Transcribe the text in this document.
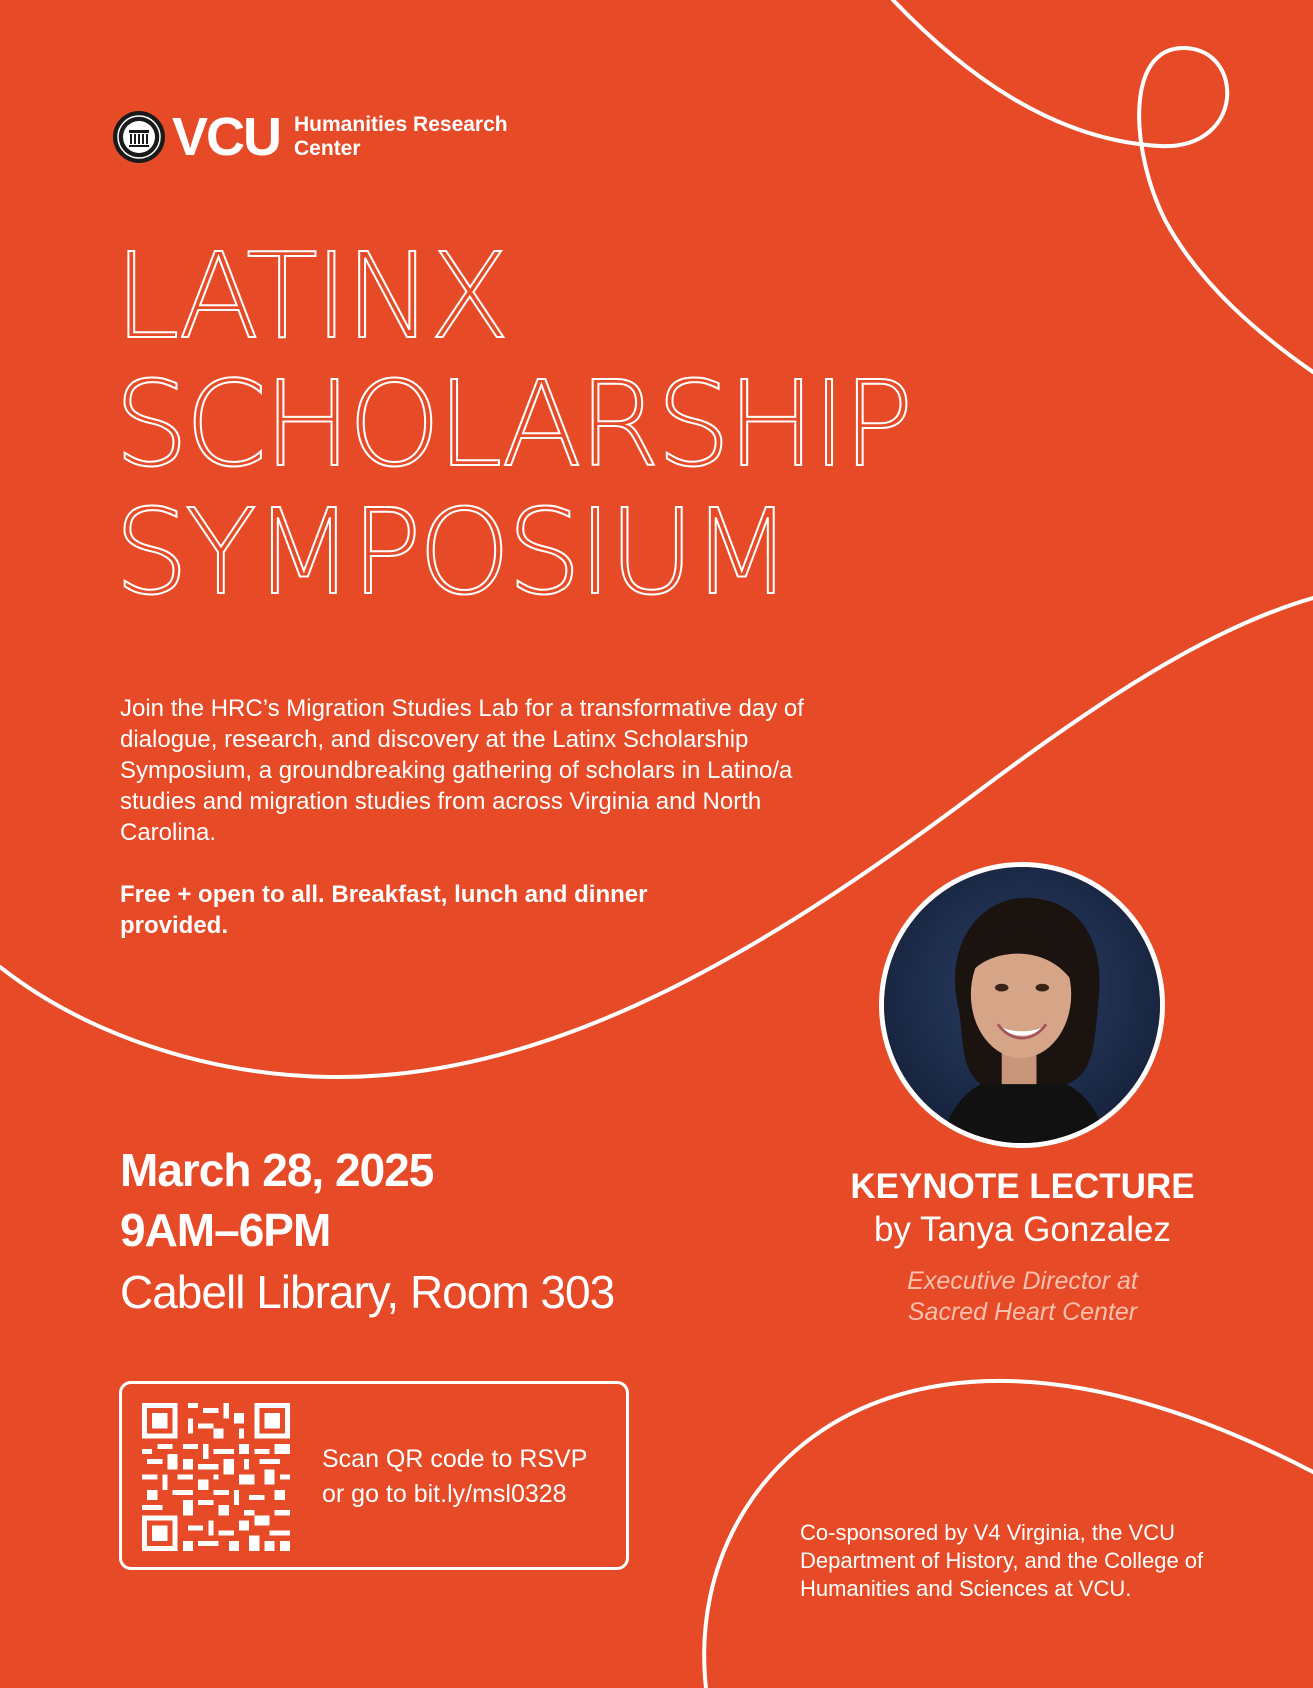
VCU Humanities Research
Center
LATINX
SCHOLARSHIP
SYMPOSIUM

Join the HRC’s Migration Studies Lab for a transformative day of dialogue, research, and discovery at the Latinx Scholarship Symposium, a groundbreaking gathering of scholars in Latino/a studies and migration studies from across Virginia and North Carolina.

Free + open to all. Breakfast, lunch and dinner provided.

March 28, 2025
9AM–6PM
Cabell Library, Room 303
Scan QR code to RSVP
or go to bit.ly/msl0328
KEYNOTE LECTURE
by Tanya Gonzalez
Executive Director at
Sacred Heart Center

Co-sponsored by V4 Virginia, the VCU Department of History, and the College of Humanities and Sciences at VCU.
